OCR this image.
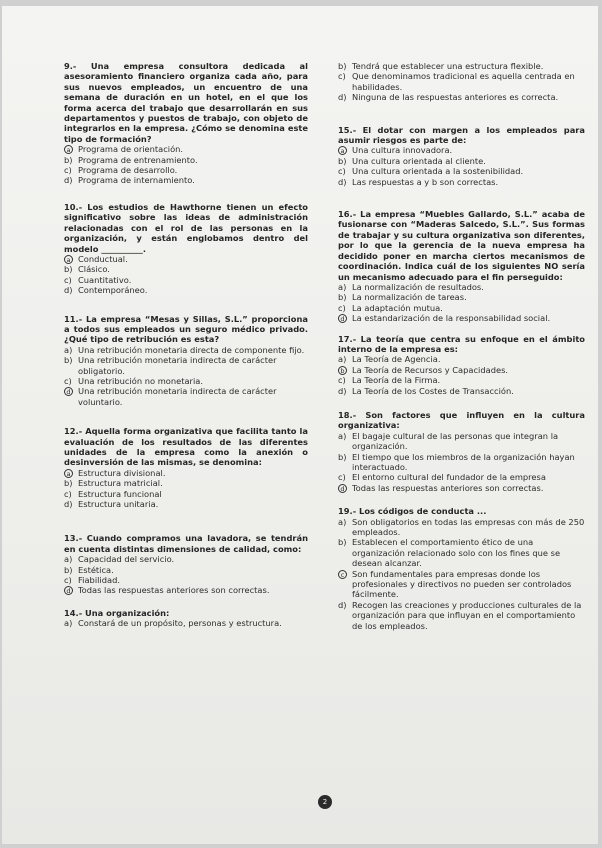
9.- Una empresa consultora dedicada al asesoramiento financiero organiza cada año, para sus nuevos empleados, un encuentro de una semana de duración en un hotel, en el que los forma acerca del trabajo que desarrollarán en sus departamentos y puestos de trabajo, con objeto de integrarlos en la empresa. ¿Cómo se denomina este tipo de formación?
a Programa de orientación.
b) Programa de entrenamiento.
c) Programa de desarrollo.
d) Programa de internamiento.
10.- Los estudios de Hawthorne tienen un efecto significativo sobre las ideas de administración relacionadas con el rol de las personas en la organización, y están englobamos dentro del modelo __________.
a Conductual.
b) Clásico.
c) Cuantitativo.
d) Contemporáneo.
11.- La empresa “Mesas y Sillas, S.L.” proporciona a todos sus empleados un seguro médico privado. ¿Qué tipo de retribución es esta?
a) Una retribución monetaria directa de componente fijo.
b) Una retribución monetaria indirecta de carácter obligatorio.
c) Una retribución no monetaria.
d Una retribución monetaria indirecta de carácter voluntario.
12.- Aquella forma organizativa que facilita tanto la evaluación de los resultados de las diferentes unidades de la empresa como la anexión o desinversión de las mismas, se denomina:
a Estructura divisional.
b) Estructura matricial.
c) Estructura funcional
d) Estructura unitaria.
13.- Cuando compramos una lavadora, se tendrán en cuenta distintas dimensiones de calidad, como:
a) Capacidad del servicio.
b) Estética.
c) Fiabilidad.
d Todas las respuestas anteriores son correctas.
14.- Una organización:
a) Constará de un propósito, personas y estructura.
b) Tendrá que establecer una estructura flexible.
c) Que denominamos tradicional es aquella centrada en habilidades.
d) Ninguna de las respuestas anteriores es correcta.
15.- El dotar con margen a los empleados para asumir riesgos es parte de:
a Una cultura innovadora.
b) Una cultura orientada al cliente.
c) Una cultura orientada a la sostenibilidad.
d) Las respuestas a y b son correctas.
16.- La empresa “Muebles Gallardo, S.L.” acaba de fusionarse con “Maderas Salcedo, S.L.”. Sus formas de trabajar y su cultura organizativa son diferentes, por lo que la gerencia de la nueva empresa ha decidido poner en marcha ciertos mecanismos de coordinación. Indica cuál de los siguientes NO sería un mecanismo adecuado para el fin perseguido:
a) La normalización de resultados.
b) La normalización de tareas.
c) La adaptación mutua.
d La estandarización de la responsabilidad social.
17.- La teoría que centra su enfoque en el ámbito interno de la empresa es:
a) La Teoría de Agencia.
b La Teoría de Recursos y Capacidades.
c) La Teoría de la Firma.
d) La Teoría de los Costes de Transacción.
18.- Son factores que influyen en la cultura organizativa:
a) El bagaje cultural de las personas que integran la organización.
b) El tiempo que los miembros de la organización hayan interactuado.
c) El entorno cultural del fundador de la empresa
d Todas las respuestas anteriores son correctas.
19.- Los códigos de conducta ...
a) Son obligatorios en todas las empresas con más de 250 empleados.
b) Establecen el comportamiento ético de una organización relacionado solo con los fines que se desean alcanzar.
c Son fundamentales para empresas donde los profesionales y directivos no pueden ser controlados fácilmente.
d) Recogen las creaciones y producciones culturales de la organización para que influyan en el comportamiento de los empleados.
2
